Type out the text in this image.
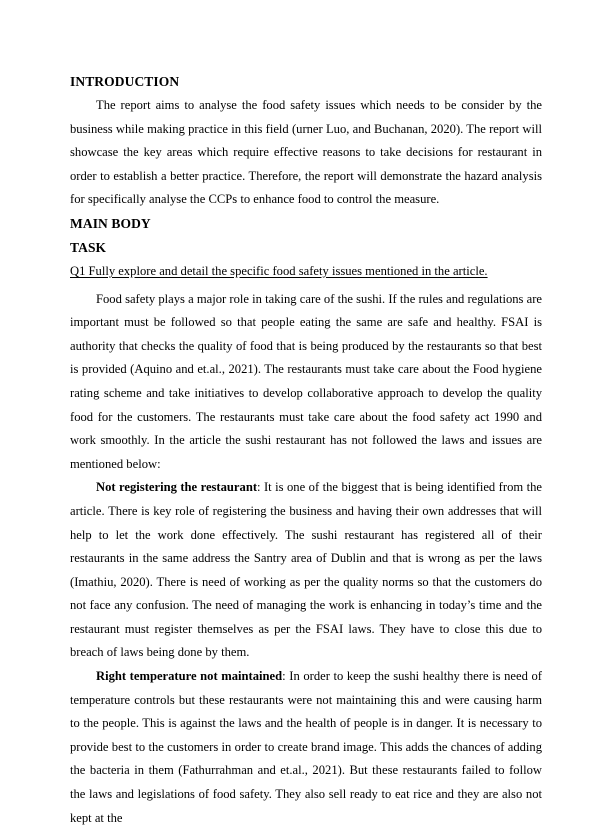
INTRODUCTION

The report aims to analyse the food safety issues which needs to be consider by the business while making practice in this field (urner Luo, and Buchanan, 2020). The report will showcase the key areas which require effective reasons to take decisions for restaurant in order to establish a better practice. Therefore, the report will demonstrate the hazard analysis for specifically analyse the CCPs to enhance food to control the measure.

MAIN BODY
TASK

Q1 Fully explore and detail the specific food safety issues mentioned in the article.

Food safety plays a major role in taking care of the sushi. If the rules and regulations are important must be followed so that people eating the same are safe and healthy. FSAI is authority that checks the quality of food that is being produced by the restaurants so that best is provided (Aquino and et.al., 2021). The restaurants must take care about the Food hygiene rating scheme and take initiatives to develop collaborative approach to develop the quality food for the customers. The restaurants must take care about the food safety act 1990 and work smoothly. In the article the sushi restaurant has not followed the laws and issues are mentioned below:

Not registering the restaurant: It is one of the biggest that is being identified from the article. There is key role of registering the business and having their own addresses that will help to let the work done effectively. The sushi restaurant has registered all of their restaurants in the same address the Santry area of Dublin and that is wrong as per the laws (Imathiu, 2020). There is need of working as per the quality norms so that the customers do not face any confusion. The need of managing the work is enhancing in today’s time and the restaurant must register themselves as per the FSAI laws. They have to close this due to breach of laws being done by them.

Right temperature not maintained: In order to keep the sushi healthy there is need of temperature controls but these restaurants were not maintaining this and were causing harm to the people. This is against the laws and the health of people is in danger. It is necessary to provide best to the customers in order to create brand image. This adds the chances of adding the bacteria in them (Fathurrahman and et.al., 2021). But these restaurants failed to follow the laws and legislations of food safety. They also sell ready to eat rice and they are also not kept at the
